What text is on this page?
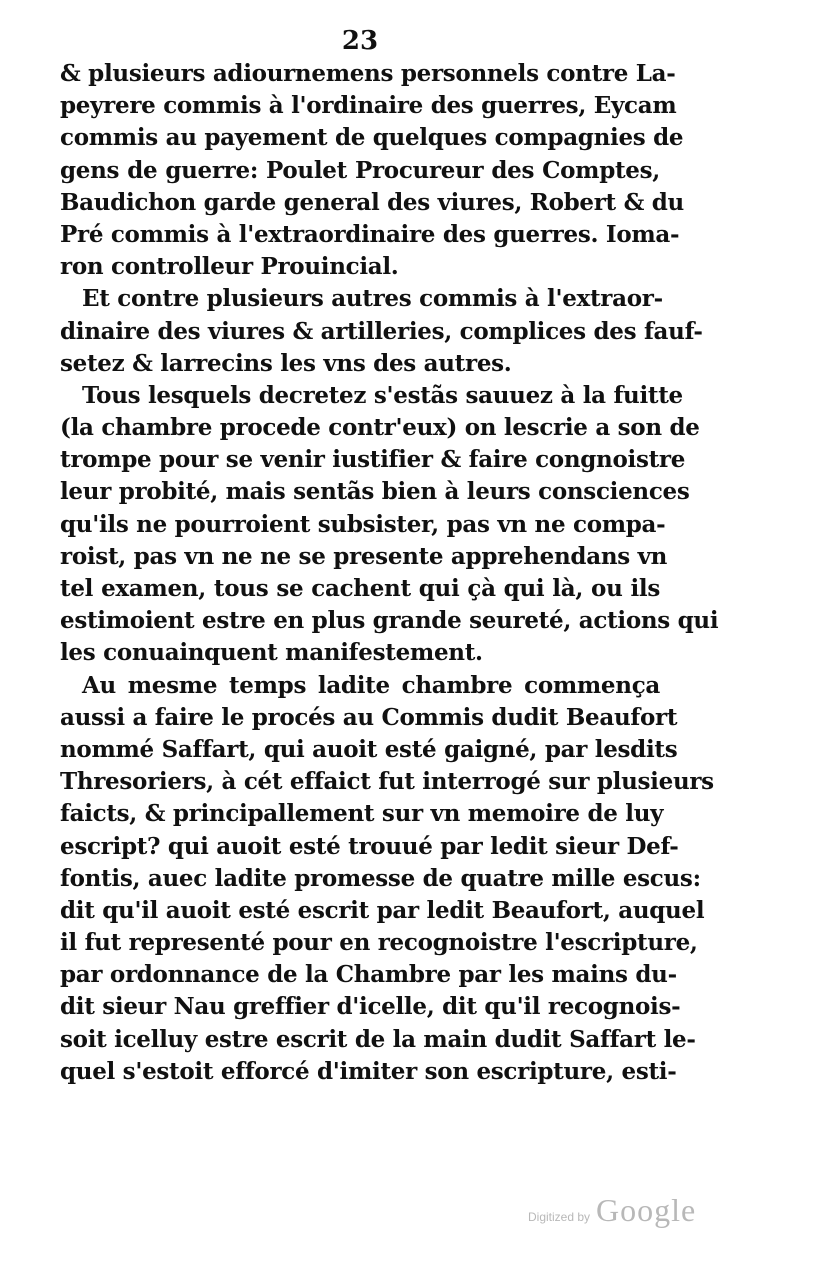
23
& plusieurs adiournemens personnels contre La-
peyrere commis à l'ordinaire des guerres, Eycam
commis au payement de quelques compagnies de
gens de guerre: Poulet Procureur des Comptes,
Baudichon garde general des viures, Robert & du
Pré commis à l'extraordinaire des guerres. Ioma-
ron controlleur Prouincial.
Et contre plusieurs autres commis à l'extraor-
dinaire des viures & artilleries, complices des fauf-
setez & larrecins les vns des autres.
Tous lesquels decretez s'estãs sauuez à la fuitte
(la chambre procede contr'eux) on lescrie a son de
trompe pour se venir iustifier & faire congnoistre
leur probité, mais sentãs bien à leurs consciences
qu'ils ne pourroient subsister, pas vn ne compa-
roist, pas vn ne ne se presente apprehendans vn
tel examen, tous se cachent qui çà qui là, ou ils
estimoient estre en plus grande seureté, actions qui
les conuainquent manifestement.
Au mesme temps ladite chambre commença
aussi a faire le procés au Commis dudit Beaufort
nommé Saffart, qui auoit esté gaigné, par lesdits
Thresoriers, à cét effaict fut interrogé sur plusieurs
faicts, & principallement sur vn memoire de luy
escript? qui auoit esté trouué par ledit sieur Def-
fontis, auec ladite promesse de quatre mille escus:
dit qu'il auoit esté escrit par ledit Beaufort, auquel
il fut representé pour en recognoistre l'escripture,
par ordonnance de la Chambre par les mains du-
dit sieur Nau greffier d'icelle, dit qu'il recognois-
soit icelluy estre escrit de la main dudit Saffart le-
quel s'estoit efforcé d'imiter son escripture, esti-
Digitized by Google
